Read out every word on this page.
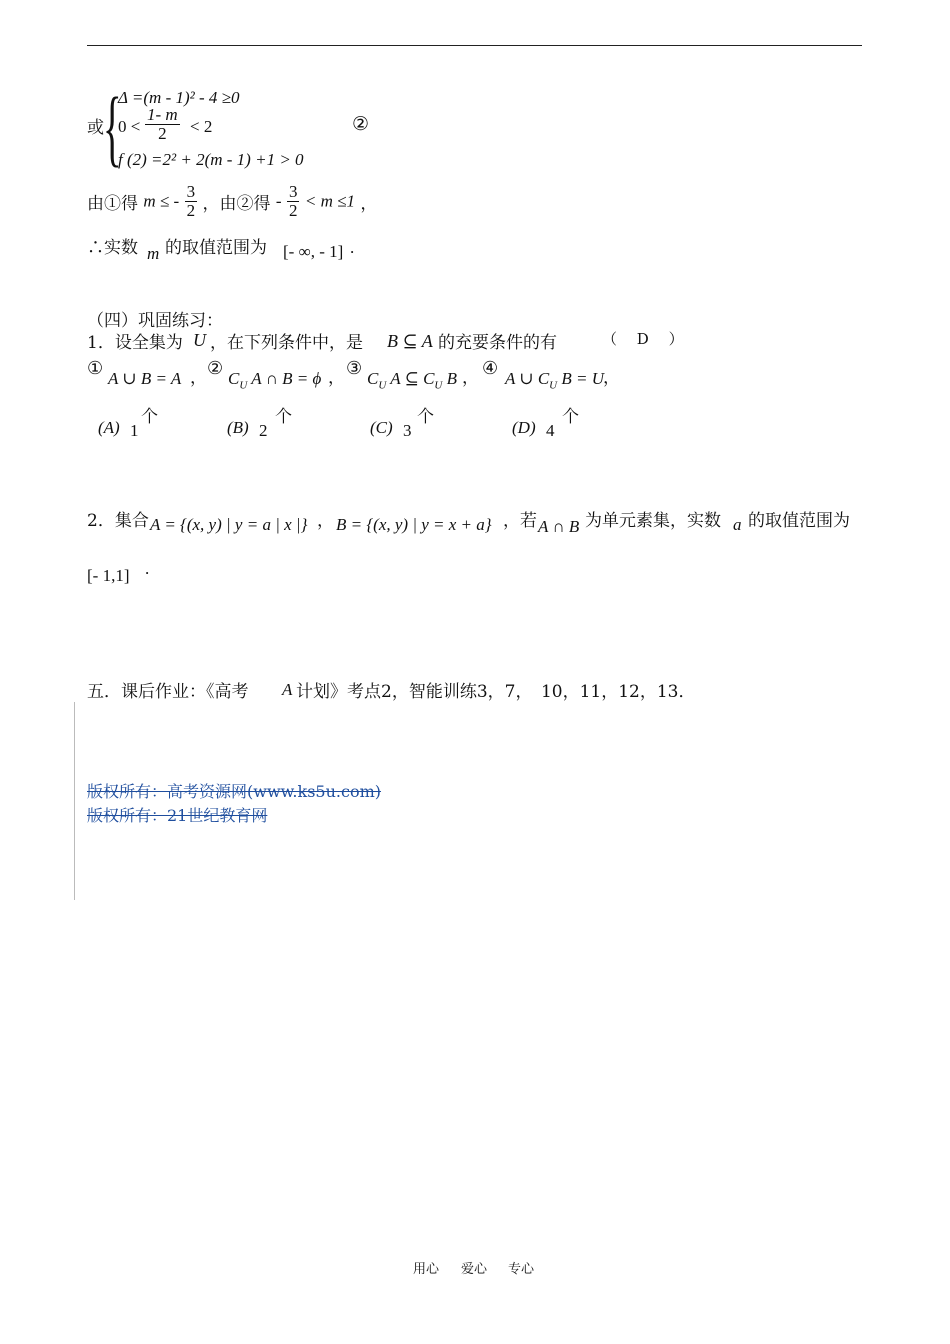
或 {
Δ =(m - 1)² - 4 ≥0
$0 < \frac{1- m}{2} < 2$
f (2) =2² + 2(m - 1) +1 > 0
②
由①得 m ≤ - $\frac{3}{2}$ ，由②得 - $\frac{3}{2} < m \le 1$ ，
∴实数 m 的取值范围为 [- ∞, - 1] .
（四）巩固练习：
1．设全集为 U ，在下列条件中，是 B ⊆ A 的充要条件的有	（　 D　 ）
① A ∪ B = A ， ② $C_U$ A ∩ B = ϕ ， ③ $C_U$ A ⊆ $C_U$ B ， ④ A ∪ $C_U$ B = U
，
(A) 1
个
(B) 2
个
(C) 3
个
(D) 4
个
2．集合 A = {(x, y) | y = a | x |} ， B = {(x, y) | y = x + a} ，若 A ∩ B 为单元素集，实数 a 的取值范围为
[- 1,1] .
五．课后作业：《高考 A 计划》考点2，智能训练3，7，　10，11，12，13．
版权所有：高考资源网(www.ks5u.com)
版权所有：21世纪教育网
用心 爱心 专心
